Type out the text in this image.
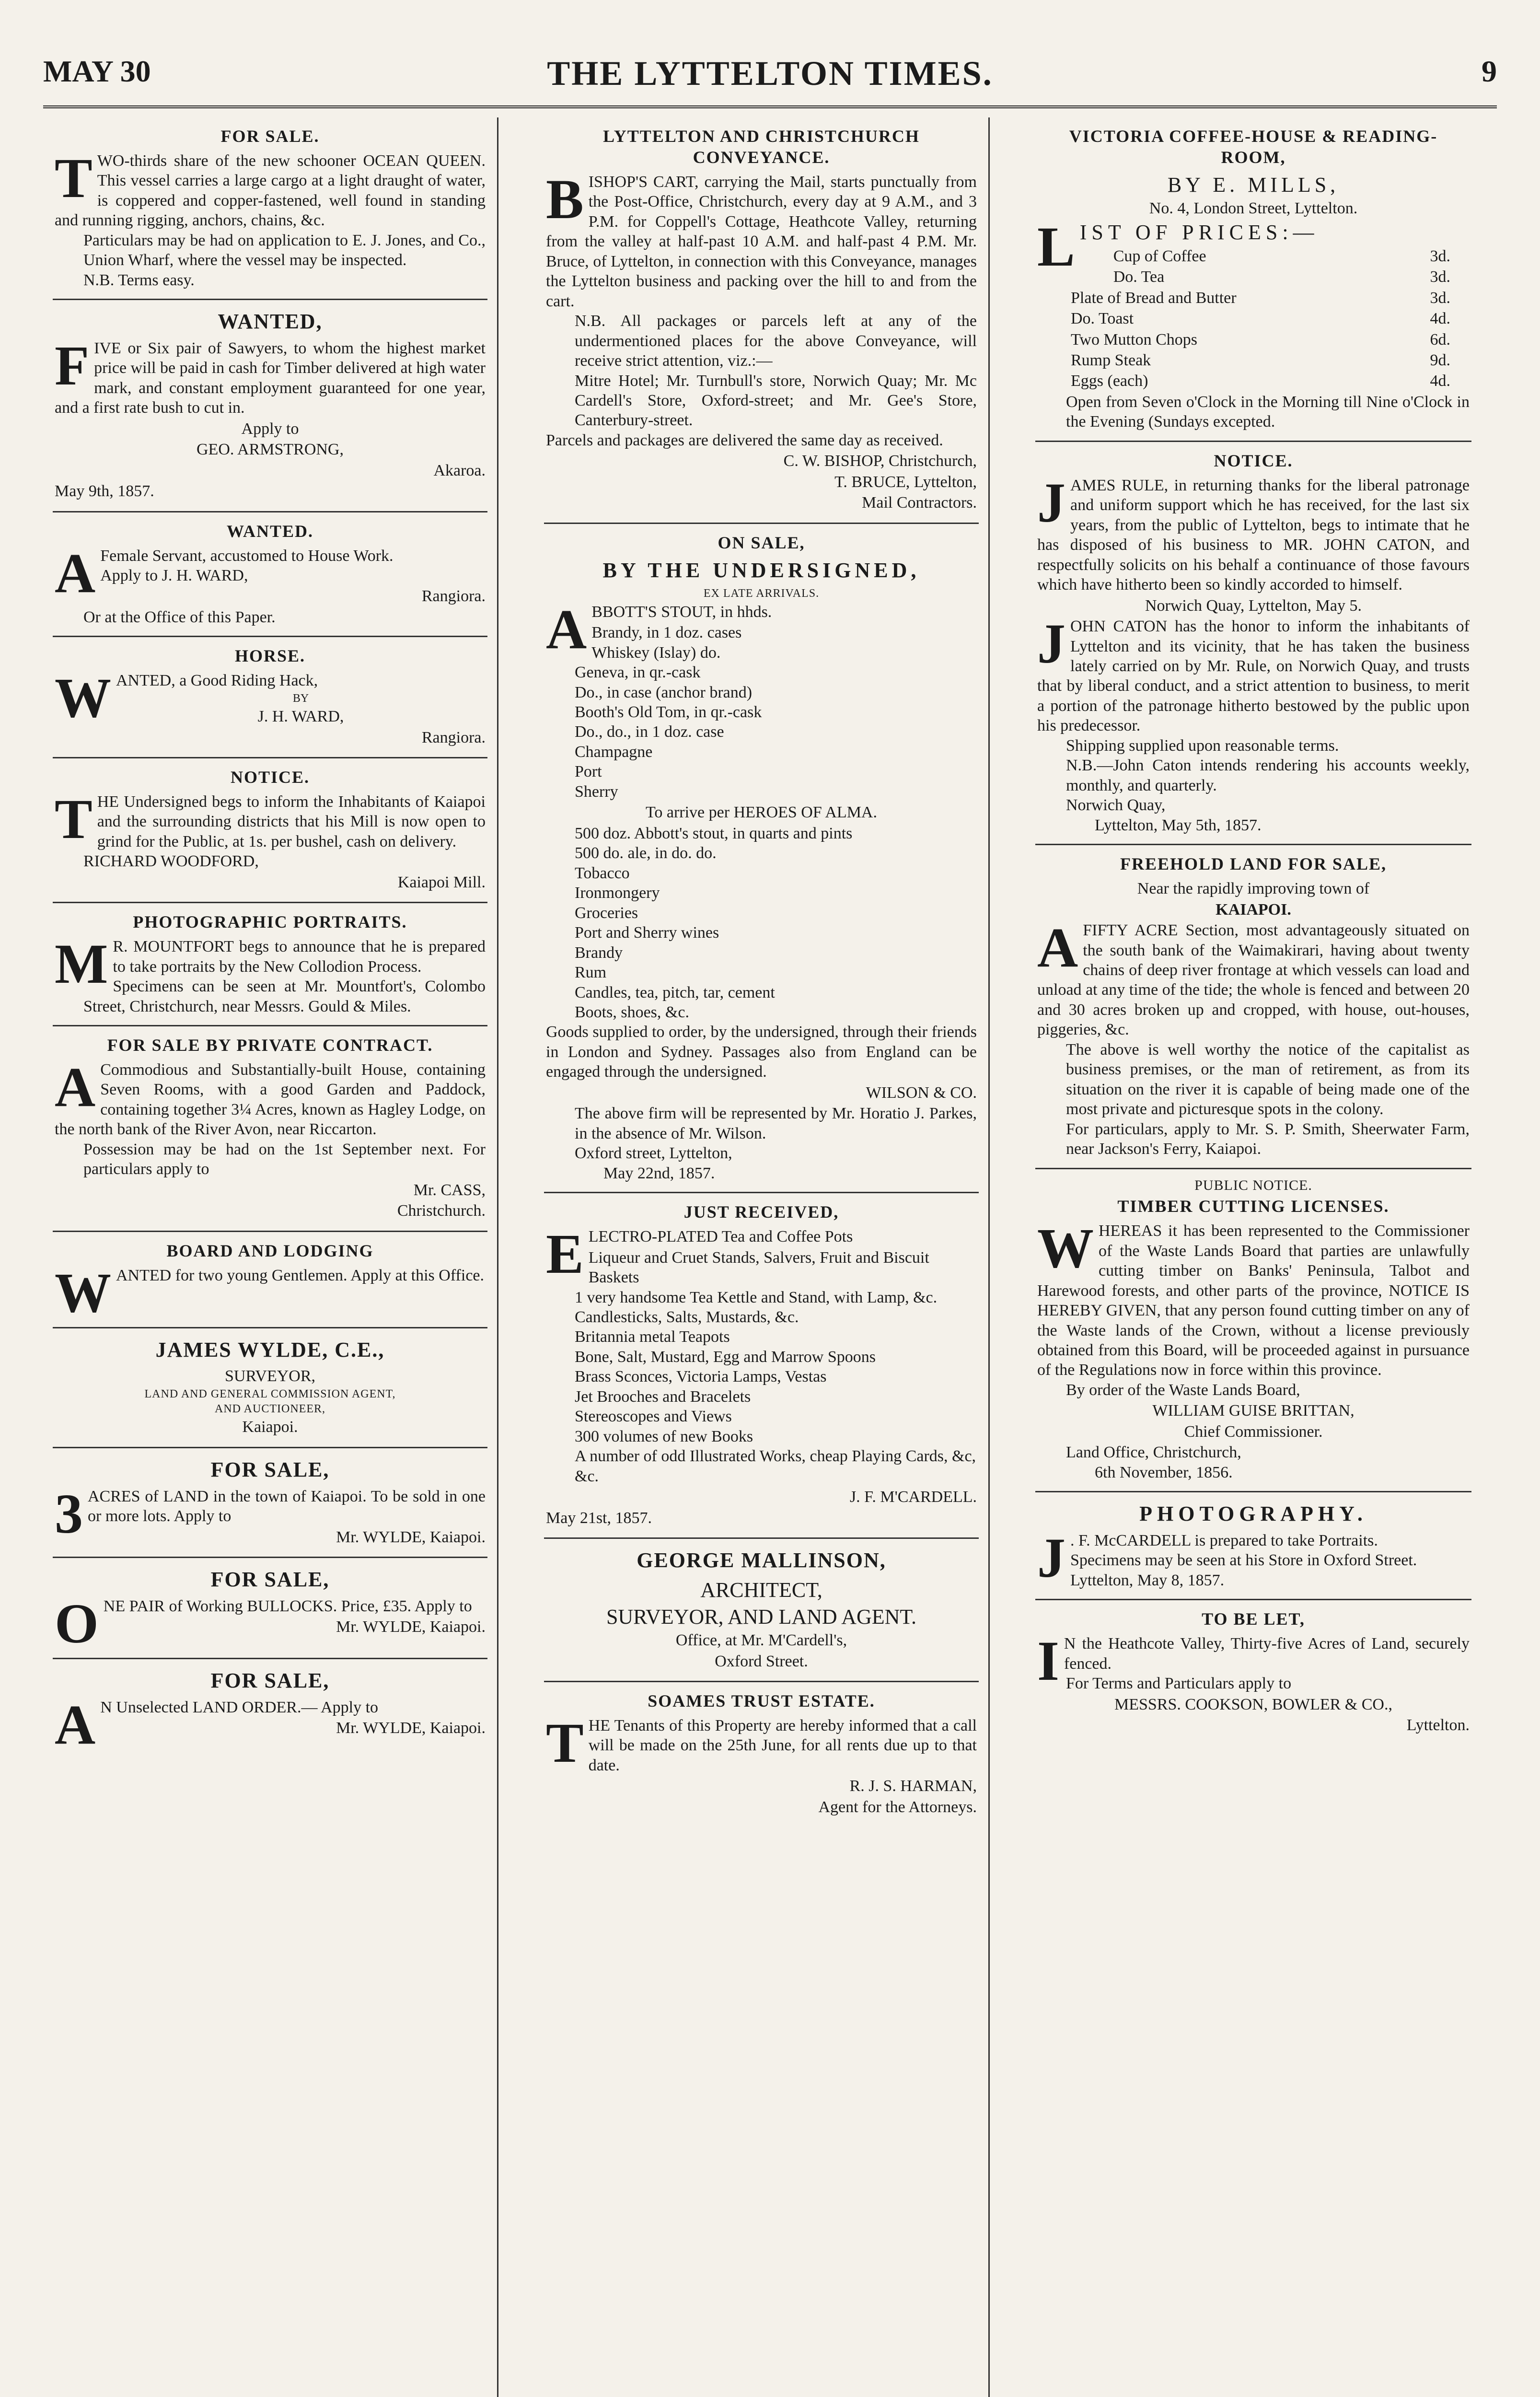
MAY 30	THE LYTTELTON TIMES.	9
FOR SALE.
T WO-thirds share of the new schooner OCEAN QUEEN. This vessel carries a large cargo at a light draught of water, is coppered and copper-fastened, well found in standing and running rigging, anchors, chains, &c.

Particulars may be had on application to E. J. Jones, and Co., Union Wharf, where the vessel may be inspected.

N.B. Terms easy.

WANTED,
F IVE or Six pair of Sawyers, to whom the highest market price will be paid in cash for Timber delivered at high water mark, and constant employment guaranteed for one year, and a first rate bush to cut in.

Apply to

GEO. ARMSTRONG,

Akaroa.

May 9th, 1857.

WANTED.
A Female Servant, accustomed to House Work.

Apply to J. H. WARD,

Rangiora.

Or at the Office of this Paper.

HORSE.
W ANTED, a Good Riding Hack,

BY

J. H. WARD,

Rangiora.

NOTICE.
T HE Undersigned begs to inform the Inhabitants of Kaiapoi and the surrounding districts that his Mill is now open to grind for the Public, at 1s. per bushel, cash on delivery.

RICHARD WOODFORD,

Kaiapoi Mill.

PHOTOGRAPHIC PORTRAITS.
M R. MOUNTFORT begs to announce that he is prepared to take portraits by the New Collodion Process.

Specimens can be seen at Mr. Mountfort's, Colombo Street, Christchurch, near Messrs. Gould & Miles.

FOR SALE BY PRIVATE CONTRACT.
A Commodious and Substantially-built House, containing Seven Rooms, with a good Garden and Paddock, containing together 3¼ Acres, known as Hagley Lodge, on the north bank of the River Avon, near Riccarton.

Possession may be had on the 1st September next. For particulars apply to

Mr. CASS,

Christchurch.

BOARD AND LODGING
W ANTED for two young Gentlemen. Apply at this Office.

JAMES WYLDE, C.E.,

SURVEYOR,

LAND AND GENERAL COMMISSION AGENT,

AND AUCTIONEER,

Kaiapoi.

FOR SALE,
3 ACRES of LAND in the town of Kaiapoi. To be sold in one or more lots. Apply to

Mr. WYLDE, Kaiapoi.

FOR SALE,
O NE PAIR of Working BULLOCKS. Price, £35. Apply to

Mr. WYLDE, Kaiapoi.

FOR SALE,
A N Unselected LAND ORDER.— Apply to

Mr. WYLDE, Kaiapoi.

LYTTELTON AND CHRISTCHURCH CONVEYANCE.
B ISHOP'S CART, carrying the Mail, starts punctually from the Post-Office, Christchurch, every day at 9 A.M., and 3 P.M. for Coppell's Cottage, Heathcote Valley, returning from the valley at half-past 10 A.M. and half-past 4 P.M. Mr. Bruce, of Lyttelton, in connection with this Conveyance, manages the Lyttelton business and packing over the hill to and from the cart.

N.B. All packages or parcels left at any of the undermentioned places for the above Conveyance, will receive strict attention, viz.:—

Mitre Hotel; Mr. Turnbull's store, Norwich Quay; Mr. Mc Cardell's Store, Oxford-street; and Mr. Gee's Store, Canterbury-street.

Parcels and packages are delivered the same day as received.

C. W. BISHOP, Christchurch,

T. BRUCE, Lyttelton,

Mail Contractors.

ON SALE,
BY THE UNDERSIGNED,

EX LATE ARRIVALS.

A BBOTT'S STOUT, in hhds.

Brandy, in 1 doz. cases

Whiskey (Islay) do.

Geneva, in qr.-cask

Do., in case (anchor brand)

Booth's Old Tom, in qr.-cask

Do., do., in 1 doz. case

Champagne

Port

Sherry

To arrive per HEROES OF ALMA.

500 doz. Abbott's stout, in quarts and pints

500 do. ale, in do. do.

Tobacco

Ironmongery

Groceries

Port and Sherry wines

Brandy

Rum

Candles, tea, pitch, tar, cement

Boots, shoes, &c.

Goods supplied to order, by the undersigned, through their friends in London and Sydney. Passages also from England can be engaged through the undersigned.

WILSON & CO.

The above firm will be represented by Mr. Horatio J. Parkes, in the absence of Mr. Wilson.

Oxford street, Lyttelton,

May 22nd, 1857.

JUST RECEIVED,
E LECTRO-PLATED Tea and Coffee Pots

Liqueur and Cruet Stands, Salvers, Fruit and Biscuit Baskets

1 very handsome Tea Kettle and Stand, with Lamp, &c.

Candlesticks, Salts, Mustards, &c.

Britannia metal Teapots

Bone, Salt, Mustard, Egg and Marrow Spoons

Brass Sconces, Victoria Lamps, Vestas

Jet Brooches and Bracelets

Stereoscopes and Views

300 volumes of new Books

A number of odd Illustrated Works, cheap Playing Cards, &c, &c.

J. F. M'CARDELL.

May 21st, 1857.

GEORGE MALLINSON,

ARCHITECT,

SURVEYOR, AND LAND AGENT.

Office, at Mr. M'Cardell's,

Oxford Street.

SOAMES TRUST ESTATE.
T HE Tenants of this Property are hereby informed that a call will be made on the 25th June, for all rents due up to that date.

R. J. S. HARMAN,

Agent for the Attorneys.

VICTORIA COFFEE-HOUSE & READING-ROOM,

BY E. MILLS,

No. 4, London Street, Lyttelton.

L IST OF PRICES:—

Cup of Coffee	3d.
Do. Tea	3d.
Plate of Bread and Butter	3d.
Do. Toast	4d.
Two Mutton Chops	6d.
Rump Steak	9d.
Eggs (each)	4d.

Open from Seven o'Clock in the Morning till Nine o'Clock in the Evening (Sundays excepted.

NOTICE.
J AMES RULE, in returning thanks for the liberal patronage and uniform support which he has received, for the last six years, from the public of Lyttelton, begs to intimate that he has disposed of his business to MR. JOHN CATON, and respectfully solicits on his behalf a continuance of those favours which have hitherto been so kindly accorded to himself.

Norwich Quay, Lyttelton, May 5.

J OHN CATON has the honor to inform the inhabitants of Lyttelton and its vicinity, that he has taken the business lately carried on by Mr. Rule, on Norwich Quay, and trusts that by liberal conduct, and a strict attention to business, to merit a portion of the patronage hitherto bestowed by the public upon his predecessor.

Shipping supplied upon reasonable terms.

N.B.—John Caton intends rendering his accounts weekly, monthly, and quarterly.

Norwich Quay,

Lyttelton, May 5th, 1857.

FREEHOLD LAND FOR SALE,

Near the rapidly improving town of

KAIAPOI.

A FIFTY ACRE Section, most advantageously situated on the south bank of the Waimakirari, having about twenty chains of deep river frontage at which vessels can load and unload at any time of the tide; the whole is fenced and between 20 and 30 acres broken up and cropped, with house, out-houses, piggeries, &c.

The above is well worthy the notice of the capitalist as business premises, or the man of retirement, as from its situation on the river it is capable of being made one of the most private and picturesque spots in the colony.

For particulars, apply to Mr. S. P. Smith, Sheerwater Farm, near Jackson's Ferry, Kaiapoi.

PUBLIC NOTICE.
TIMBER CUTTING LICENSES.
W HEREAS it has been represented to the Commissioner of the Waste Lands Board that parties are unlawfully cutting timber on Banks' Peninsula, Talbot and Harewood forests, and other parts of the province, NOTICE IS HEREBY GIVEN, that any person found cutting timber on any of the Waste lands of the Crown, without a license previously obtained from this Board, will be proceeded against in pursuance of the Regulations now in force within this province.

By order of the Waste Lands Board,

WILLIAM GUISE BRITTAN,

Chief Commissioner.

Land Office, Christchurch,

6th November, 1856.

PHOTOGRAPHY.
J . F. McCARDELL is prepared to take Portraits.

Specimens may be seen at his Store in Oxford Street.

Lyttelton, May 8, 1857.

TO BE LET,
I N the Heathcote Valley, Thirty-five Acres of Land, securely fenced.

For Terms and Particulars apply to

MESSRS. COOKSON, BOWLER & CO.,

Lyttelton.
